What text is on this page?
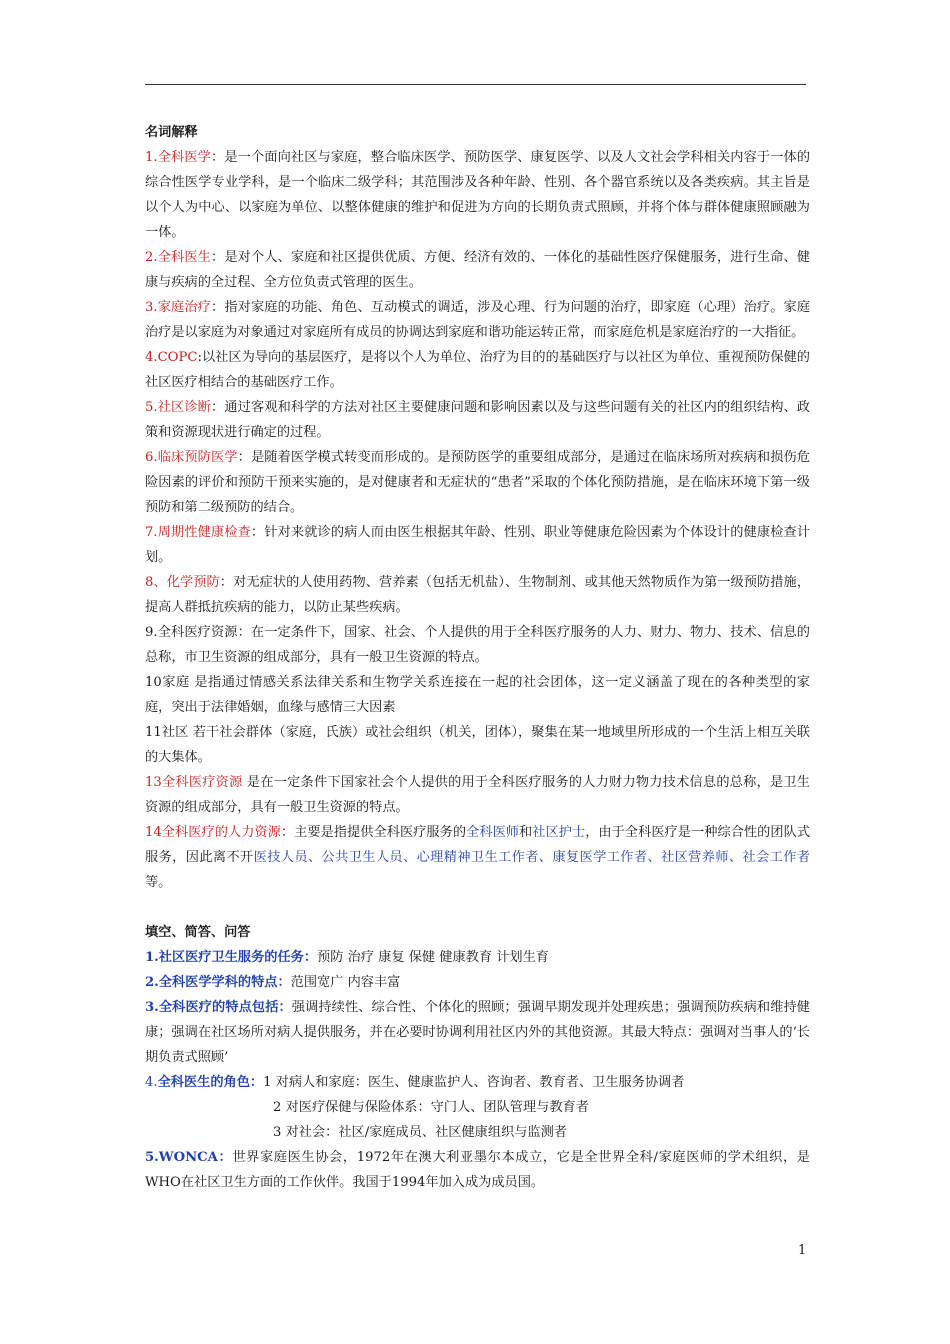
名词解释

1.全科医学：是一个面向社区与家庭，整合临床医学、预防医学、康复医学、以及人文社会学科相关内容于一体的综合性医学专业学科，是一个临床二级学科；其范围涉及各种年龄、性别、各个器官系统以及各类疾病。其主旨是以个人为中心、以家庭为单位、以整体健康的维护和促进为方向的长期负责式照顾，并将个体与群体健康照顾融为一体。

2.全科医生：是对个人、家庭和社区提供优质、方便、经济有效的、一体化的基础性医疗保健服务，进行生命、健康与疾病的全过程、全方位负责式管理的医生。

3.家庭治疗：指对家庭的功能、角色、互动模式的调适，涉及心理、行为问题的治疗，即家庭（心理）治疗。家庭治疗是以家庭为对象通过对家庭所有成员的协调达到家庭和谐功能运转正常，而家庭危机是家庭治疗的一大指征。

4.COPC:以社区为导向的基层医疗，是将以个人为单位、治疗为目的的基础医疗与以社区为单位、重视预防保健的社区医疗相结合的基础医疗工作。

5.社区诊断：通过客观和科学的方法对社区主要健康问题和影响因素以及与这些问题有关的社区内的组织结构、政策和资源现状进行确定的过程。

6.临床预防医学：是随着医学模式转变而形成的。是预防医学的重要组成部分，是通过在临床场所对疾病和损伤危险因素的评价和预防干预来实施的，是对健康者和无症状的“患者”采取的个体化预防措施，是在临床环境下第一级预防和第二级预防的结合。

7.周期性健康检查：针对来就诊的病人而由医生根据其年龄、性别、职业等健康危险因素为个体设计的健康检查计划。

8、化学预防：对无症状的人使用药物、营养素（包括无机盐）、生物制剂、或其他天然物质作为第一级预防措施，提高人群抵抗疾病的能力，以防止某些疾病。

9.全科医疗资源：在一定条件下，国家、社会、个人提供的用于全科医疗服务的人力、财力、物力、技术、信息的总称，市卫生资源的组成部分，具有一般卫生资源的特点。

10家庭 是指通过情感关系法律关系和生物学关系连接在一起的社会团体，这一定义涵盖了现在的各种类型的家庭，突出于法律婚姻，血缘与感情三大因素

11社区 若干社会群体（家庭，氏族）或社会组织（机关，团体），聚集在某一地域里所形成的一个生活上相互关联的大集体。

13全科医疗资源 是在一定条件下国家社会个人提供的用于全科医疗服务的人力财力物力技术信息的总称，是卫生资源的组成部分，具有一般卫生资源的特点。

14全科医疗的人力资源：主要是指提供全科医疗服务的全科医师和社区护士，由于全科医疗是一种综合性的团队式服务，因此离不开医技人员、公共卫生人员、心理精神卫生工作者、康复医学工作者、社区营养师、社会工作者等。

填空、简答、问答

1.社区医疗卫生服务的任务：预防 治疗 康复 保健 健康教育 计划生育

2.全科医学学科的特点：范围宽广 内容丰富

3.全科医疗的特点包括：强调持续性、综合性、个体化的照顾；强调早期发现并处理疾患；强调预防疾病和维持健康；强调在社区场所对病人提供服务，并在必要时协调利用社区内外的其他资源。其最大特点：强调对当事人的‘长期负责式照顾’

4.全科医生的角色：1 对病人和家庭：医生、健康监护人、咨询者、教育者、卫生服务协调者

2 对医疗保健与保险体系：守门人、团队管理与教育者

3 对社会：社区/家庭成员、社区健康组织与监测者

5.WONCA：世界家庭医生协会，1972年在澳大利亚墨尔本成立，它是全世界全科/家庭医师的学术组织，是WHO在社区卫生方面的工作伙伴。我国于1994年加入成为成员国。

1
